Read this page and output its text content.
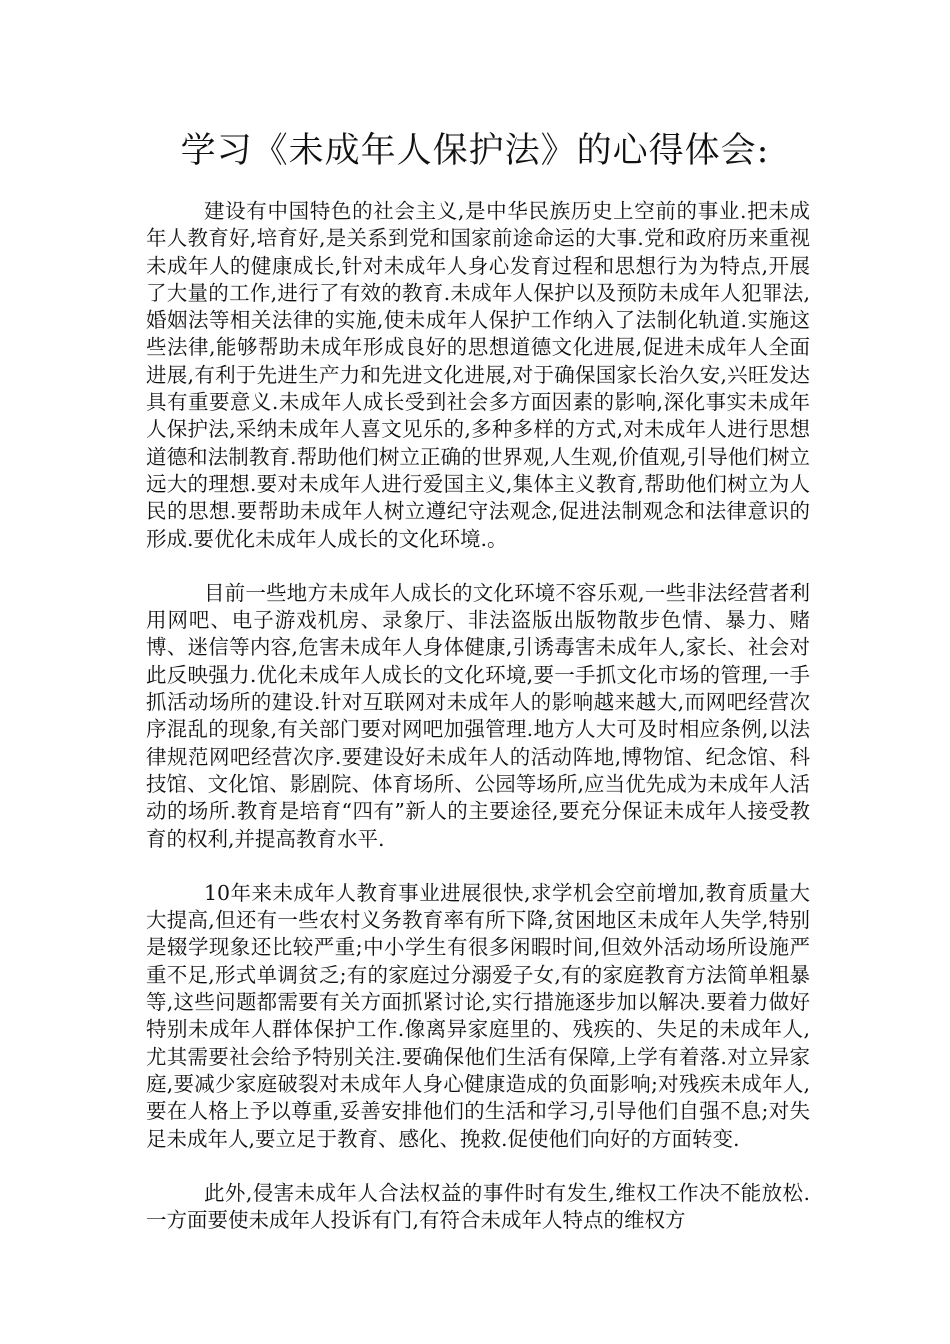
学习《未成年人保护法》的心得体会:

建设有中国特色的社会主义,是中华民族历史上空前的事业.把未成年人教育好,培育好,是关系到党和国家前途命运的大事.党和政府历来重视未成年人的健康成长,针对未成年人身心发育过程和思想行为为特点,开展了大量的工作,进行了有效的教育.未成年人保护以及预防未成年人犯罪法,婚姻法等相关法律的实施,使未成年人保护工作纳入了法制化轨道.实施这些法律,能够帮助未成年形成良好的思想道德文化进展,促进未成年人全面进展,有利于先进生产力和先进文化进展,对于确保国家长治久安,兴旺发达具有重要意义.未成年人成长受到社会多方面因素的影响,深化事实未成年人保护法,采纳未成年人喜文见乐的,多种多样的方式,对未成年人进行思想道德和法制教育.帮助他们树立正确的世界观,人生观,价值观,引导他们树立远大的理想.要对未成年人进行爱国主义,集体主义教育,帮助他们树立为人民的思想.要帮助未成年人树立遵纪守法观念,促进法制观念和法律意识的形成.要优化未成年人成长的文化环境.。

目前一些地方未成年人成长的文化环境不容乐观,一些非法经营者利用网吧、电子游戏机房、录象厅、非法盗版出版物散步色情、暴力、赌博、迷信等内容,危害未成年人身体健康,引诱毒害未成年人,家长、社会对此反映强力.优化未成年人成长的文化环境,要一手抓文化市场的管理,一手抓活动场所的建设.针对互联网对未成年人的影响越来越大,而网吧经营次序混乱的现象,有关部门要对网吧加强管理.地方人大可及时相应条例,以法律规范网吧经营次序.要建设好未成年人的活动阵地,博物馆、纪念馆、科技馆、文化馆、影剧院、体育场所、公园等场所,应当优先成为未成年人活动的场所.教育是培育“四有”新人的主要途径,要充分保证未成年人接受教育的权利,并提高教育水平.

10年来未成年人教育事业进展很快,求学机会空前增加,教育质量大大提高,但还有一些农村义务教育率有所下降,贫困地区未成年人失学,特别是辍学现象还比较严重;中小学生有很多闲暇时间,但效外活动场所设施严重不足,形式单调贫乏;有的家庭过分溺爱子女,有的家庭教育方法简单粗暴等,这些问题都需要有关方面抓紧讨论,实行措施逐步加以解决.要着力做好特别未成年人群体保护工作.像离异家庭里的、残疾的、失足的未成年人,尤其需要社会给予特别关注.要确保他们生活有保障,上学有着落.对立异家庭,要减少家庭破裂对未成年人身心健康造成的负面影响;对残疾未成年人,要在人格上予以尊重,妥善安排他们的生活和学习,引导他们自强不息;对失足未成年人,要立足于教育、感化、挽救.促使他们向好的方面转变.

此外,侵害未成年人合法权益的事件时有发生,维权工作决不能放松.一方面要使未成年人投诉有门,有符合未成年人特点的维权方
